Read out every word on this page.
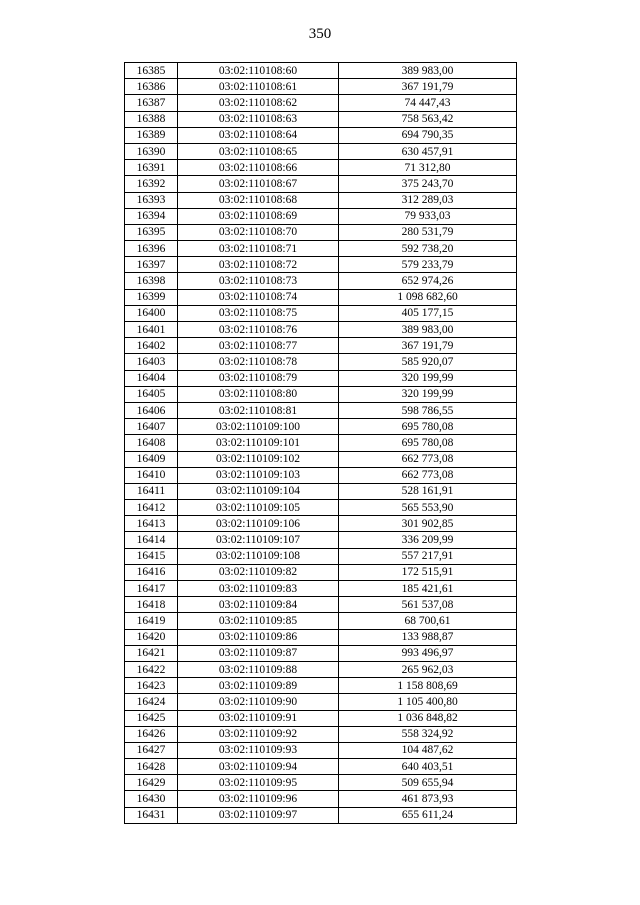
350
16385	03:02:110108:60	389 983,00
16386	03:02:110108:61	367 191,79
16387	03:02:110108:62	74 447,43
16388	03:02:110108:63	758 563,42
16389	03:02:110108:64	694 790,35
16390	03:02:110108:65	630 457,91
16391	03:02:110108:66	71 312,80
16392	03:02:110108:67	375 243,70
16393	03:02:110108:68	312 289,03
16394	03:02:110108:69	79 933,03
16395	03:02:110108:70	280 531,79
16396	03:02:110108:71	592 738,20
16397	03:02:110108:72	579 233,79
16398	03:02:110108:73	652 974,26
16399	03:02:110108:74	1 098 682,60
16400	03:02:110108:75	405 177,15
16401	03:02:110108:76	389 983,00
16402	03:02:110108:77	367 191,79
16403	03:02:110108:78	585 920,07
16404	03:02:110108:79	320 199,99
16405	03:02:110108:80	320 199,99
16406	03:02:110108:81	598 786,55
16407	03:02:110109:100	695 780,08
16408	03:02:110109:101	695 780,08
16409	03:02:110109:102	662 773,08
16410	03:02:110109:103	662 773,08
16411	03:02:110109:104	528 161,91
16412	03:02:110109:105	565 553,90
16413	03:02:110109:106	301 902,85
16414	03:02:110109:107	336 209,99
16415	03:02:110109:108	557 217,91
16416	03:02:110109:82	172 515,91
16417	03:02:110109:83	185 421,61
16418	03:02:110109:84	561 537,08
16419	03:02:110109:85	68 700,61
16420	03:02:110109:86	133 988,87
16421	03:02:110109:87	993 496,97
16422	03:02:110109:88	265 962,03
16423	03:02:110109:89	1 158 808,69
16424	03:02:110109:90	1 105 400,80
16425	03:02:110109:91	1 036 848,82
16426	03:02:110109:92	558 324,92
16427	03:02:110109:93	104 487,62
16428	03:02:110109:94	640 403,51
16429	03:02:110109:95	509 655,94
16430	03:02:110109:96	461 873,93
16431	03:02:110109:97	655 611,24
